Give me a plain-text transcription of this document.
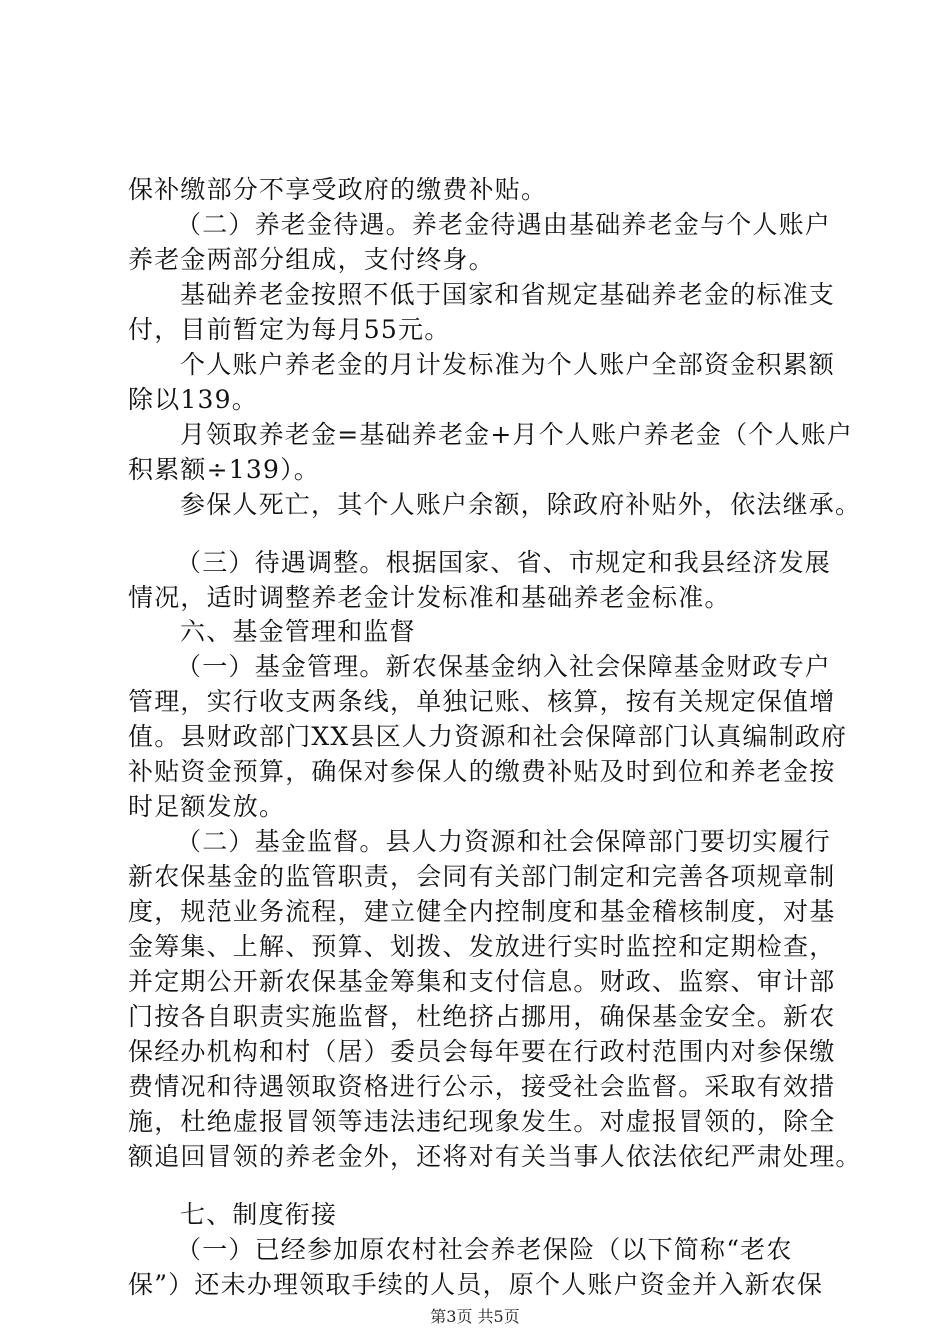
保补缴部分不享受政府的缴费补贴。
（二）养老金待遇。养老金待遇由基础养老金与个人账户
养老金两部分组成，支付终身。
基础养老金按照不低于国家和省规定基础养老金的标准支
付，目前暂定为每月55元。
个人账户养老金的月计发标准为个人账户全部资金积累额
除以139。
月领取养老金=基础养老金+月个人账户养老金（个人账户
积累额÷139）。
参保人死亡，其个人账户余额，除政府补贴外，依法继承。
（三）待遇调整。根据国家、省、市规定和我县经济发展
情况，适时调整养老金计发标准和基础养老金标准。
六、基金管理和监督
（一）基金管理。新农保基金纳入社会保障基金财政专户
管理，实行收支两条线，单独记账、核算，按有关规定保值增
值。县财政部门XX县区人力资源和社会保障部门认真编制政府
补贴资金预算，确保对参保人的缴费补贴及时到位和养老金按
时足额发放。
（二）基金监督。县人力资源和社会保障部门要切实履行
新农保基金的监管职责，会同有关部门制定和完善各项规章制
度，规范业务流程，建立健全内控制度和基金稽核制度，对基
金筹集、上解、预算、划拨、发放进行实时监控和定期检查，
并定期公开新农保基金筹集和支付信息。财政、监察、审计部
门按各自职责实施监督，杜绝挤占挪用，确保基金安全。新农
保经办机构和村（居）委员会每年要在行政村范围内对参保缴
费情况和待遇领取资格进行公示，接受社会监督。采取有效措
施，杜绝虚报冒领等违法违纪现象发生。对虚报冒领的，除全
额追回冒领的养老金外，还将对有关当事人依法依纪严肃处理。
七、制度衔接
（一）已经参加原农村社会养老保险（以下简称“老农
保”）还未办理领取手续的人员，原个人账户资金并入新农保
第3页 共5页
